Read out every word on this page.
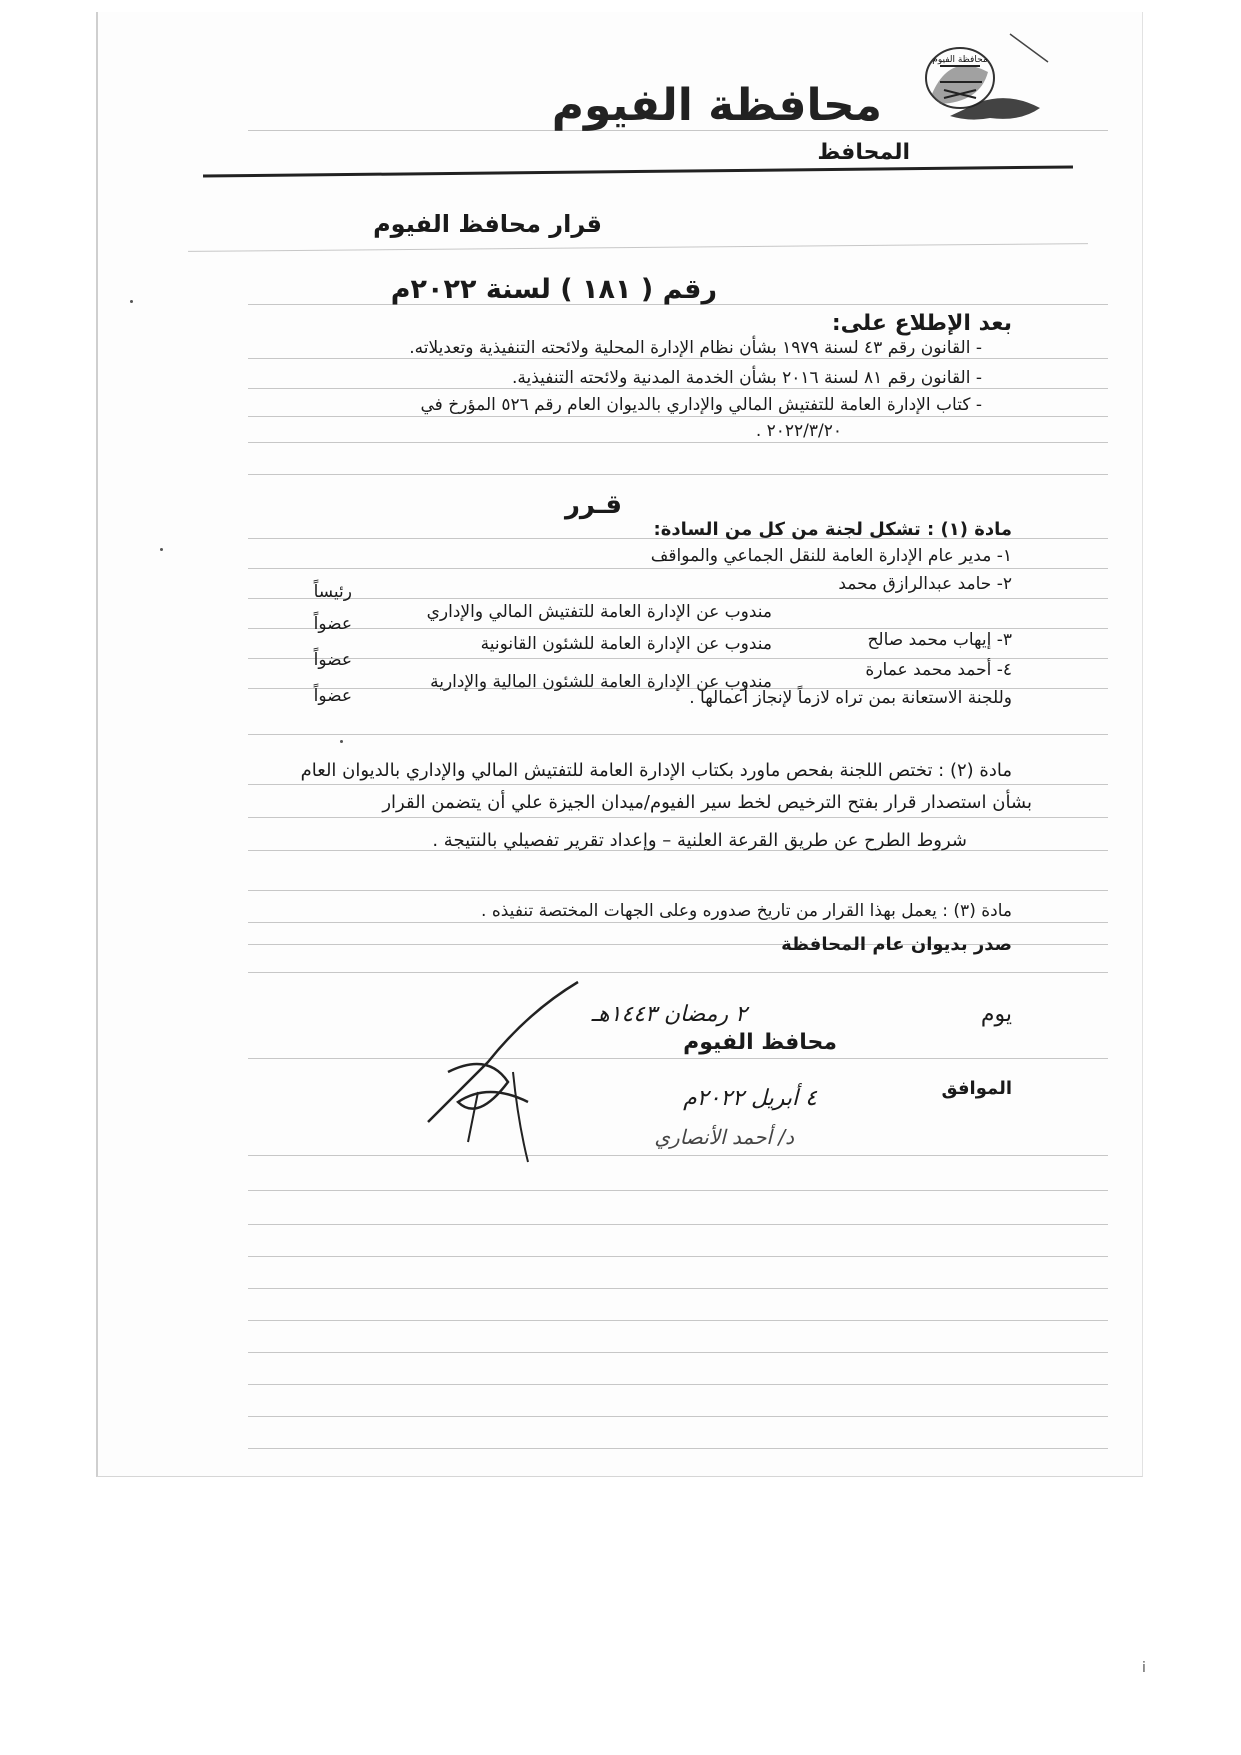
محافظة الفيوم
محافظة الفيوم
المحافظ
قرار محافظ الفيوم
رقم ( ١٨١ ) لسنة ٢٠٢٢م
بعد الإطلاع على:
- القانون رقم ٤٣ لسنة ١٩٧٩ بشأن نظام الإدارة المحلية ولائحته التنفيذية وتعديلاته.
- القانون رقم ٨١ لسنة ٢٠١٦ بشأن الخدمة المدنية ولائحته التنفيذية.
- كتاب الإدارة العامة للتفتيش المالي والإداري بالديوان العام رقم ٥٢٦ المؤرخ في
٢٠٢٢/٣/٢٠ .
قـرر
مادة (١) : تشكل لجنة من كل من السادة:
١- مدير عام الإدارة العامة للنقل الجماعي والمواقف
٢- حامد عبدالرازق محمد
مندوب عن الإدارة العامة للتفتيش المالي والإداري
رئيساً
٣- إيهاب محمد صالح
مندوب عن الإدارة العامة للشئون القانونية
عضواً
٤- أحمد محمد عمارة
مندوب عن الإدارة العامة للشئون المالية والإدارية
عضواً
عضواً	وللجنة الاستعانة بمن تراه لازماً لإنجاز أعمالها .
مادة (٢) : تختص اللجنة بفحص ماورد بكتاب الإدارة العامة للتفتيش المالي والإداري بالديوان العام
بشأن استصدار قرار بفتح الترخيص لخط سير الفيوم/ميدان الجيزة علي أن يتضمن القرار
شروط الطرح عن طريق القرعة العلنية – وإعداد تقرير تفصيلي بالنتيجة .
مادة (٣) : يعمل بهذا القرار من تاريخ صدوره وعلى الجهات المختصة تنفيذه .
صدر بديوان عام المحافظة
يوم
٢ رمضان ١٤٤٣هـ
الموافق
٤ أبريل ٢٠٢٢م
محافظ الفيوم
د/ أحمد الأنصاري
i
